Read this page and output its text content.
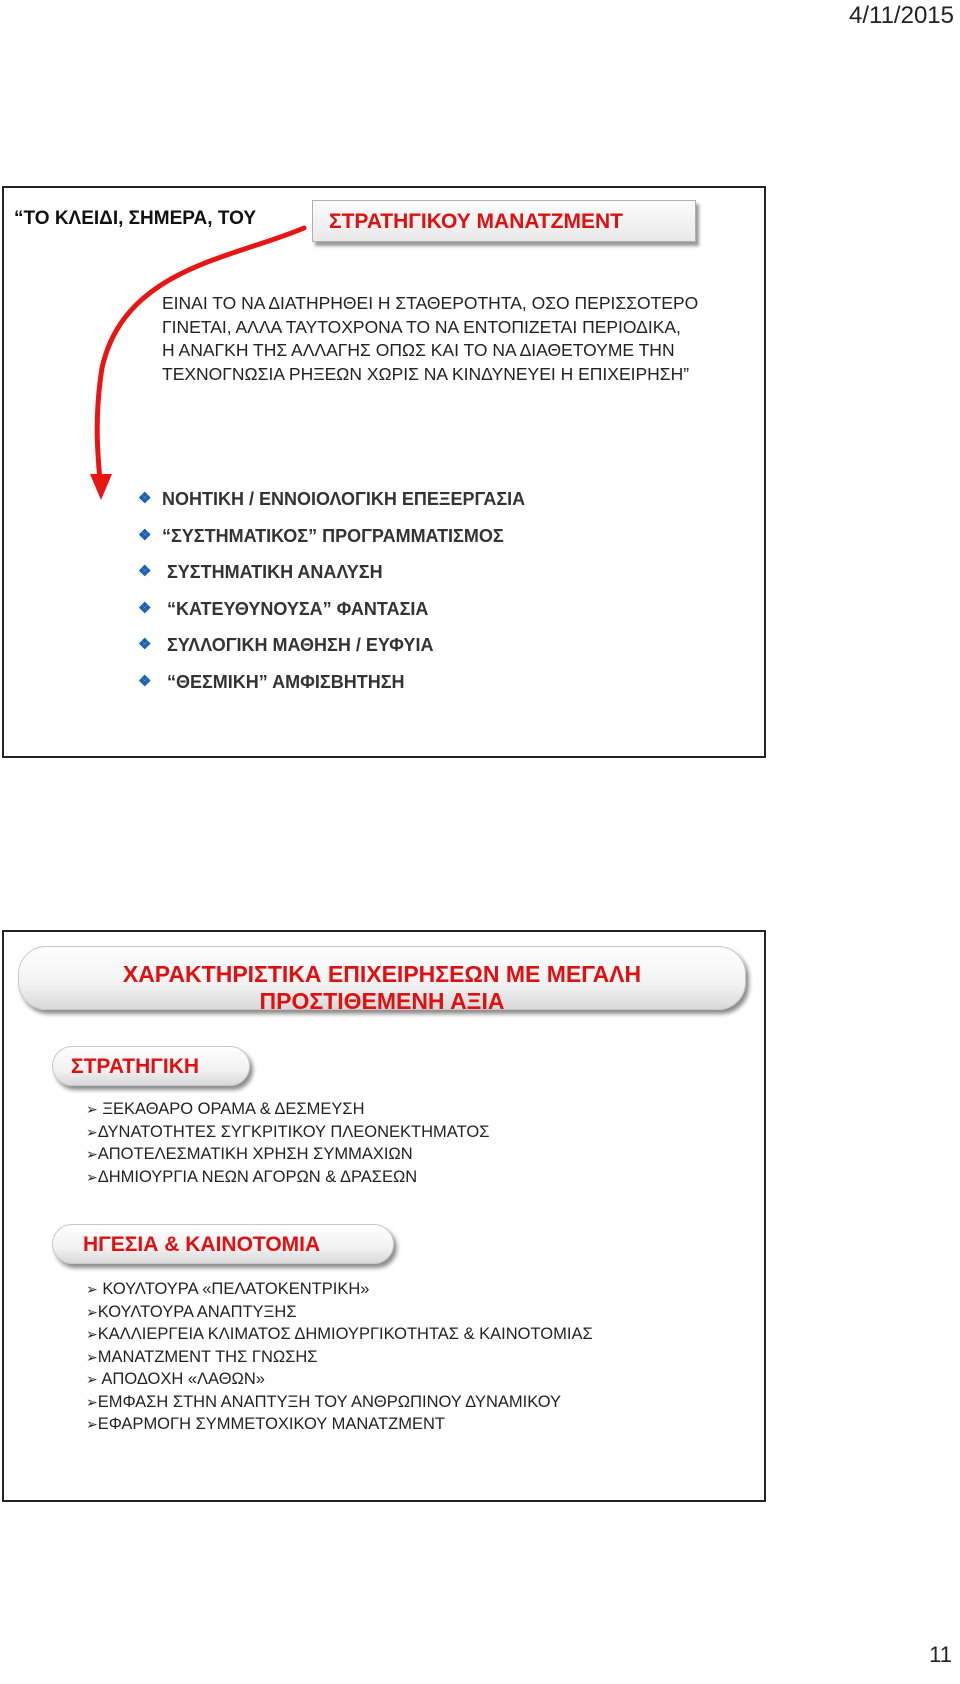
4/11/2015
“ΤΟ ΚΛΕΙΔΙ, ΣΗΜΕΡΑ, ΤΟΥ	ΣΤΡΑΤΗΓΙΚΟΥ ΜΑΝΑΤΖΜΕΝΤ
ΕΙΝΑΙ ΤΟ ΝΑ ΔΙΑΤΗΡΗΘΕΙ Η ΣΤΑΘΕΡΟΤΗΤΑ, ΟΣΟ ΠΕΡΙΣΣΟΤΕΡΟ
ΓΙΝΕΤΑΙ, ΑΛΛΑ ΤΑΥΤΟΧΡΟΝΑ ΤΟ ΝΑ ΕΝΤΟΠΙΖΕΤΑΙ ΠΕΡΙΟΔΙΚΑ,
Η ΑΝΑΓΚΗ ΤΗΣ ΑΛΛΑΓΗΣ ΟΠΩΣ ΚΑΙ ΤΟ ΝΑ ΔΙΑΘΕΤΟΥΜΕ ΤΗΝ
ΤΕΧΝΟΓΝΩΣΙΑ ΡΗΞΕΩΝ ΧΩΡΙΣ ΝΑ ΚΙΝΔΥΝΕΥΕΙ Η ΕΠΙΧΕΙΡΗΣΗ”
❖ ΝΟΗΤΙΚΗ / ΕΝΝΟΙΟΛΟΓΙΚΗ ΕΠΕΞΕΡΓΑΣΙΑ
❖ “ΣΥΣΤΗΜΑΤΙΚΟΣ” ΠΡΟΓΡΑΜΜΑΤΙΣΜΟΣ
❖ ΣΥΣΤΗΜΑΤΙΚΗ ΑΝΑΛΥΣΗ
❖ “ΚΑΤΕΥΘΥΝΟΥΣΑ” ΦΑΝΤΑΣΙΑ
❖ ΣΥΛΛΟΓΙΚΗ ΜΑΘΗΣΗ / ΕΥΦΥΙΑ
❖ “ΘΕΣΜΙΚΗ” ΑΜΦΙΣΒΗΤΗΣΗ
ΧΑΡΑΚΤΗΡΙΣΤΙΚΑ ΕΠΙΧΕΙΡΗΣΕΩΝ ΜΕ ΜΕΓΑΛΗ
ΠΡΟΣΤΙΘΕΜΕΝΗ ΑΞΙΑ
ΣΤΡΑΤΗΓΙΚΗ
➢ ΞΕΚΑΘΑΡΟ ΟΡΑΜΑ & ΔΕΣΜΕΥΣΗ
➢ΔΥΝΑΤΟΤΗΤΕΣ ΣΥΓΚΡΙΤΙΚΟΥ ΠΛΕΟΝΕΚΤΗΜΑΤΟΣ
➢ΑΠΟΤΕΛΕΣΜΑΤΙΚΗ ΧΡΗΣΗ ΣΥΜΜΑΧΙΩΝ
➢ΔΗΜΙΟΥΡΓΙΑ ΝΕΩΝ ΑΓΟΡΩΝ & ΔΡΑΣΕΩΝ
ΗΓΕΣΙΑ & ΚΑΙΝΟΤΟΜΙΑ
➢ ΚΟΥΛΤΟΥΡΑ «ΠΕΛΑΤΟΚΕΝΤΡΙΚΗ»
➢ΚΟΥΛΤΟΥΡΑ ΑΝΑΠΤΥΞΗΣ
➢ΚΑΛΛΙΕΡΓΕΙΑ ΚΛΙΜΑΤΟΣ ΔΗΜΙΟΥΡΓΙΚΟΤΗΤΑΣ & ΚΑΙΝΟΤΟΜΙΑΣ
➢ΜΑΝΑΤΖΜΕΝΤ ΤΗΣ ΓΝΩΣΗΣ
➢ ΑΠΟΔΟΧΗ «ΛΑΘΩΝ»
➢ΕΜΦΑΣΗ ΣΤΗΝ ΑΝΑΠΤΥΞΗ ΤΟΥ ΑΝΘΡΩΠΙΝΟΥ ΔΥΝΑΜΙΚΟΥ
➢ΕΦΑΡΜΟΓΗ ΣΥΜΜΕΤΟΧΙΚΟΥ ΜΑΝΑΤΖΜΕΝΤ
11
